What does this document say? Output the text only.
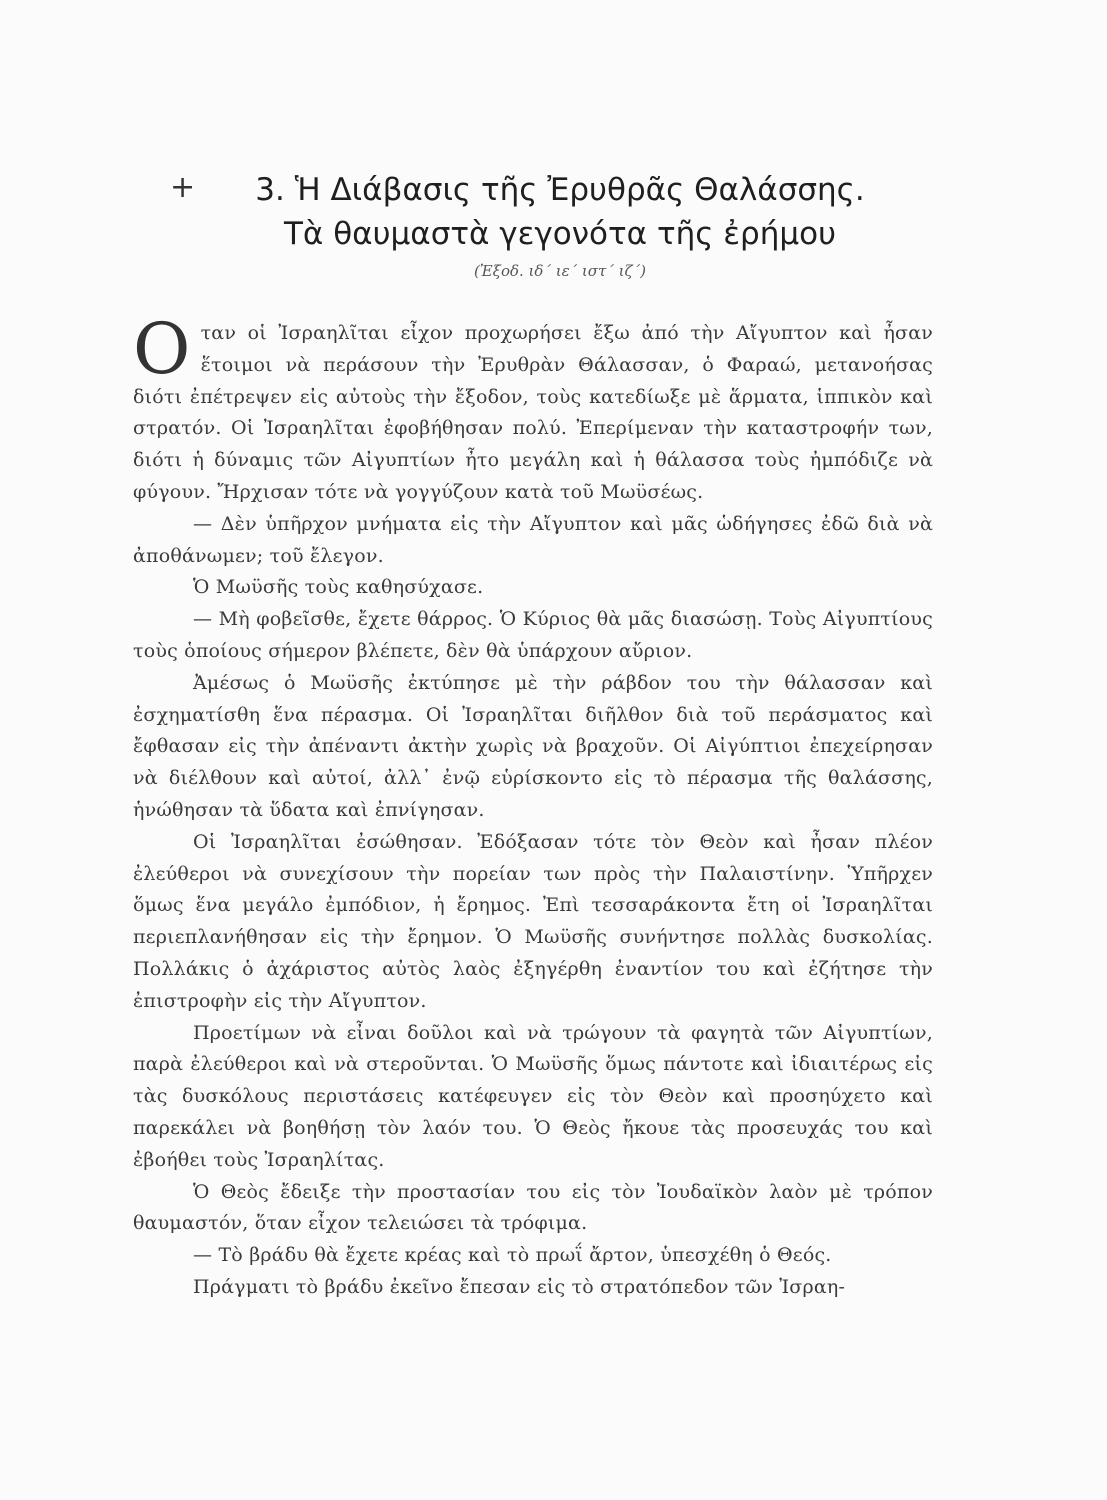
+	3. Ἡ Διάβασις τῆς Ἐρυθρᾶς Θαλάσσης.
Τὰ θαυμαστὰ γεγονότα τῆς ἐρήμου
(Ἐξοδ. ιδ΄ ιε΄ ιστ΄ ιζ΄)

Οταν οἱ Ἰσραηλῖται εἶχον προχωρήσει ἔξω ἀπό τὴν Αἴγυπτον καὶ ἦσαν ἕτοιμοι νὰ περάσουν τὴν Ἐρυθρὰν Θάλασσαν, ὁ Φαραώ, μετανοήσας διότι ἐπέτρεψεν εἰς αὐτοὺς τὴν ἔξοδον, τοὺς κατεδίωξε μὲ ἅρματα, ἱππικὸν καὶ στρατόν. Οἱ Ἰσραηλῖται ἐφοβήθησαν πολύ. Ἐπερίμεναν τὴν καταστροφήν των, διότι ἡ δύναμις τῶν Αἰγυπτίων ἦτο μεγάλη καὶ ἡ θάλασσα τοὺς ἠμπόδιζε νὰ φύγουν. Ἤρχισαν τότε νὰ γογγύζουν κατὰ τοῦ Μωϋσέως.

— Δὲν ὑπῆρχον μνήματα εἰς τὴν Αἴγυπτον καὶ μᾶς ὡδήγησες ἐδῶ διὰ νὰ ἀποθάνωμεν; τοῦ ἔλεγον.

Ὁ Μωϋσῆς τοὺς καθησύχασε.

— Μὴ φοβεῖσθε, ἔχετε θάρρος. Ὁ Κύριος θὰ μᾶς διασώσῃ. Τοὺς Αἰγυπτίους τοὺς ὁποίους σήμερον βλέπετε, δὲν θὰ ὑπάρχουν αὔριον.

Ἀμέσως ὁ Μωϋσῆς ἐκτύπησε μὲ τὴν ράβδον του τὴν θάλασσαν καὶ ἐσχηματίσθη ἕνα πέρασμα. Οἱ Ἰσραηλῖται διῆλθον διὰ τοῦ περάσματος καὶ ἔφθασαν εἰς τὴν ἀπέναντι ἀκτὴν χωρὶς νὰ βραχοῦν. Οἱ Αἰγύπτιοι ἐπεχείρησαν νὰ διέλθουν καὶ αὐτοί, ἀλλ᾽ ἐνῷ εὑρίσκοντο εἰς τὸ πέρασμα τῆς θαλάσσης, ἡνώθησαν τὰ ὕδατα καὶ ἐπνίγησαν.

Οἱ Ἰσραηλῖται ἐσώθησαν. Ἐδόξασαν τότε τὸν Θεὸν καὶ ἦσαν πλέον ἐλεύθεροι νὰ συνεχίσουν τὴν πορείαν των πρὸς τὴν Παλαιστίνην. Ὑπῆρχεν ὅμως ἕνα μεγάλο ἐμπόδιον, ἡ ἔρημος. Ἐπὶ τεσσαράκοντα ἔτη οἱ Ἰσραηλῖται περιεπλανήθησαν εἰς τὴν ἔρημον. Ὁ Μωϋσῆς συνήντησε πολλὰς δυσκολίας. Πολλάκις ὁ ἀχάριστος αὐτὸς λαὸς ἐξηγέρθη ἐναντίον του καὶ ἐζήτησε τὴν ἐπιστροφὴν εἰς τὴν Αἴγυπτον.

Προετίμων νὰ εἶναι δοῦλοι καὶ νὰ τρώγουν τὰ φαγητὰ τῶν Αἰγυπτίων, παρὰ ἐλεύθεροι καὶ νὰ στεροῦνται. Ὁ Μωϋσῆς ὅμως πάντοτε καὶ ἰδιαιτέρως εἰς τὰς δυσκόλους περιστάσεις κατέφευγεν εἰς τὸν Θεὸν καὶ προσηύχετο καὶ παρεκάλει νὰ βοηθήσῃ τὸν λαόν του. Ὁ Θεὸς ἤκουε τὰς προσευχάς του καὶ ἐβοήθει τοὺς Ἰσραηλίτας.

Ὁ Θεὸς ἔδειξε τὴν προστασίαν του εἰς τὸν Ἰουδαϊκὸν λαὸν μὲ τρόπον θαυμαστόν, ὅταν εἶχον τελειώσει τὰ τρόφιμα.

— Τὸ βράδυ θὰ ἔχετε κρέας καὶ τὸ πρωΐ ἄρτον, ὑπεσχέθη ὁ Θεός.

Πράγματι τὸ βράδυ ἐκεῖνο ἔπεσαν εἰς τὸ στρατόπεδον τῶν Ἰσραη-
